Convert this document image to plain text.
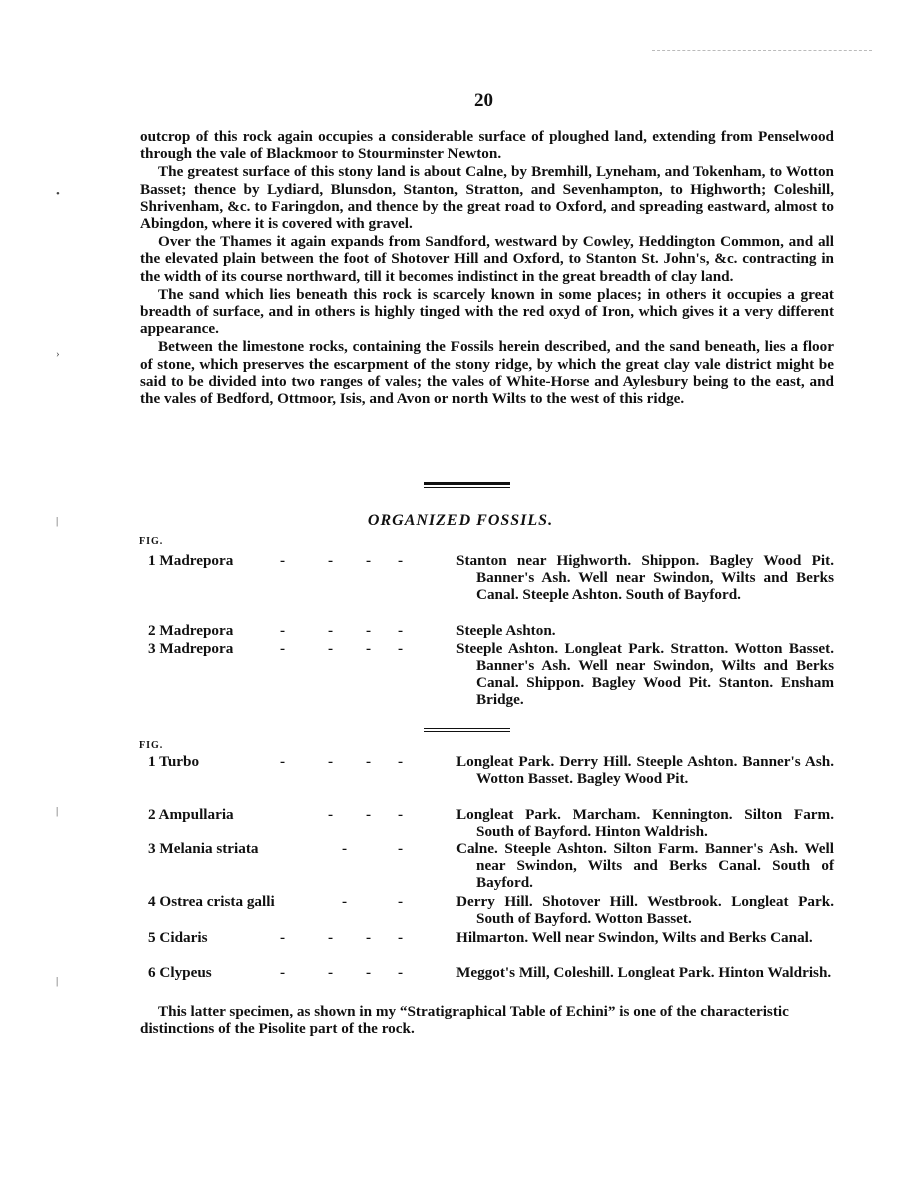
•
›
|
|
|
20

outcrop of this rock again occupies a considerable surface of ploughed land, extending from Penselwood through the vale of Blackmoor to Stourminster Newton.

The greatest surface of this stony land is about Calne, by Bremhill, Lyneham, and Tokenham, to Wotton Basset; thence by Lydiard, Blunsdon, Stanton, Stratton, and Sevenhampton, to Highworth; Coleshill, Shrivenham, &c. to Faringdon, and thence by the great road to Oxford, and spreading eastward, almost to Abingdon, where it is covered with gravel.

Over the Thames it again expands from Sandford, westward by Cowley, Heddington Common, and all the elevated plain between the foot of Shotover Hill and Oxford, to Stanton St. John's, &c. contracting in the width of its course northward, till it becomes indistinct in the great breadth of clay land.

The sand which lies beneath this rock is scarcely known in some places; in others it occupies a great breadth of surface, and in others is highly tinged with the red oxyd of Iron, which gives it a very different appearance.

Between the limestone rocks, containing the Fossils herein described, and the sand beneath, lies a floor of stone, which preserves the escarpment of the stony ridge, by which the great clay vale district might be said to be divided into two ranges of vales; the vales of White-Horse and Aylesbury being to the east, and the vales of Bedford, Ottmoor, Isis, and Avon or north Wilts to the west of this ridge.

ORGANIZED FOSSILS.
FIG.
1 Madrepora	-	- - -	Stanton near Highworth. Shippon. Bagley Wood Pit. Banner's Ash. Well near Swindon, Wilts and Berks Canal. Steeple Ashton. South of Bayford.
2 Madrepora	-	- - -	Steeple Ashton.
3 Madrepora	-	- - -	Steeple Ashton. Longleat Park. Stratton. Wotton Basset. Banner's Ash. Well near Swindon, Wilts and Berks Canal. Shippon. Bagley Wood Pit. Stanton. Ensham Bridge.
FIG.
1 Turbo	-	- - -	Longleat Park. Derry Hill. Steeple Ashton. Banner's Ash. Wotton Basset. Bagley Wood Pit.
2 Ampullaria	- - -	Longleat Park. Marcham. Kennington. Silton Farm. South of Bayford. Hinton Waldrish.
3 Melania striata	-	-	Calne. Steeple Ashton. Silton Farm. Banner's Ash. Well near Swindon, Wilts and Berks Canal. South of Bayford.
4 Ostrea crista galli	-	-	Derry Hill. Shotover Hill. Westbrook. Longleat Park. South of Bayford. Wotton Basset.
5 Cidaris	-	- - -	Hilmarton. Well near Swindon, Wilts and Berks Canal.
6 Clypeus	-	- - -	Meggot's Mill, Coleshill. Longleat Park. Hinton Waldrish.
This latter specimen, as shown in my “Stratigraphical Table of Echini” is one of the characteristic distinctions of the Pisolite part of the rock.
